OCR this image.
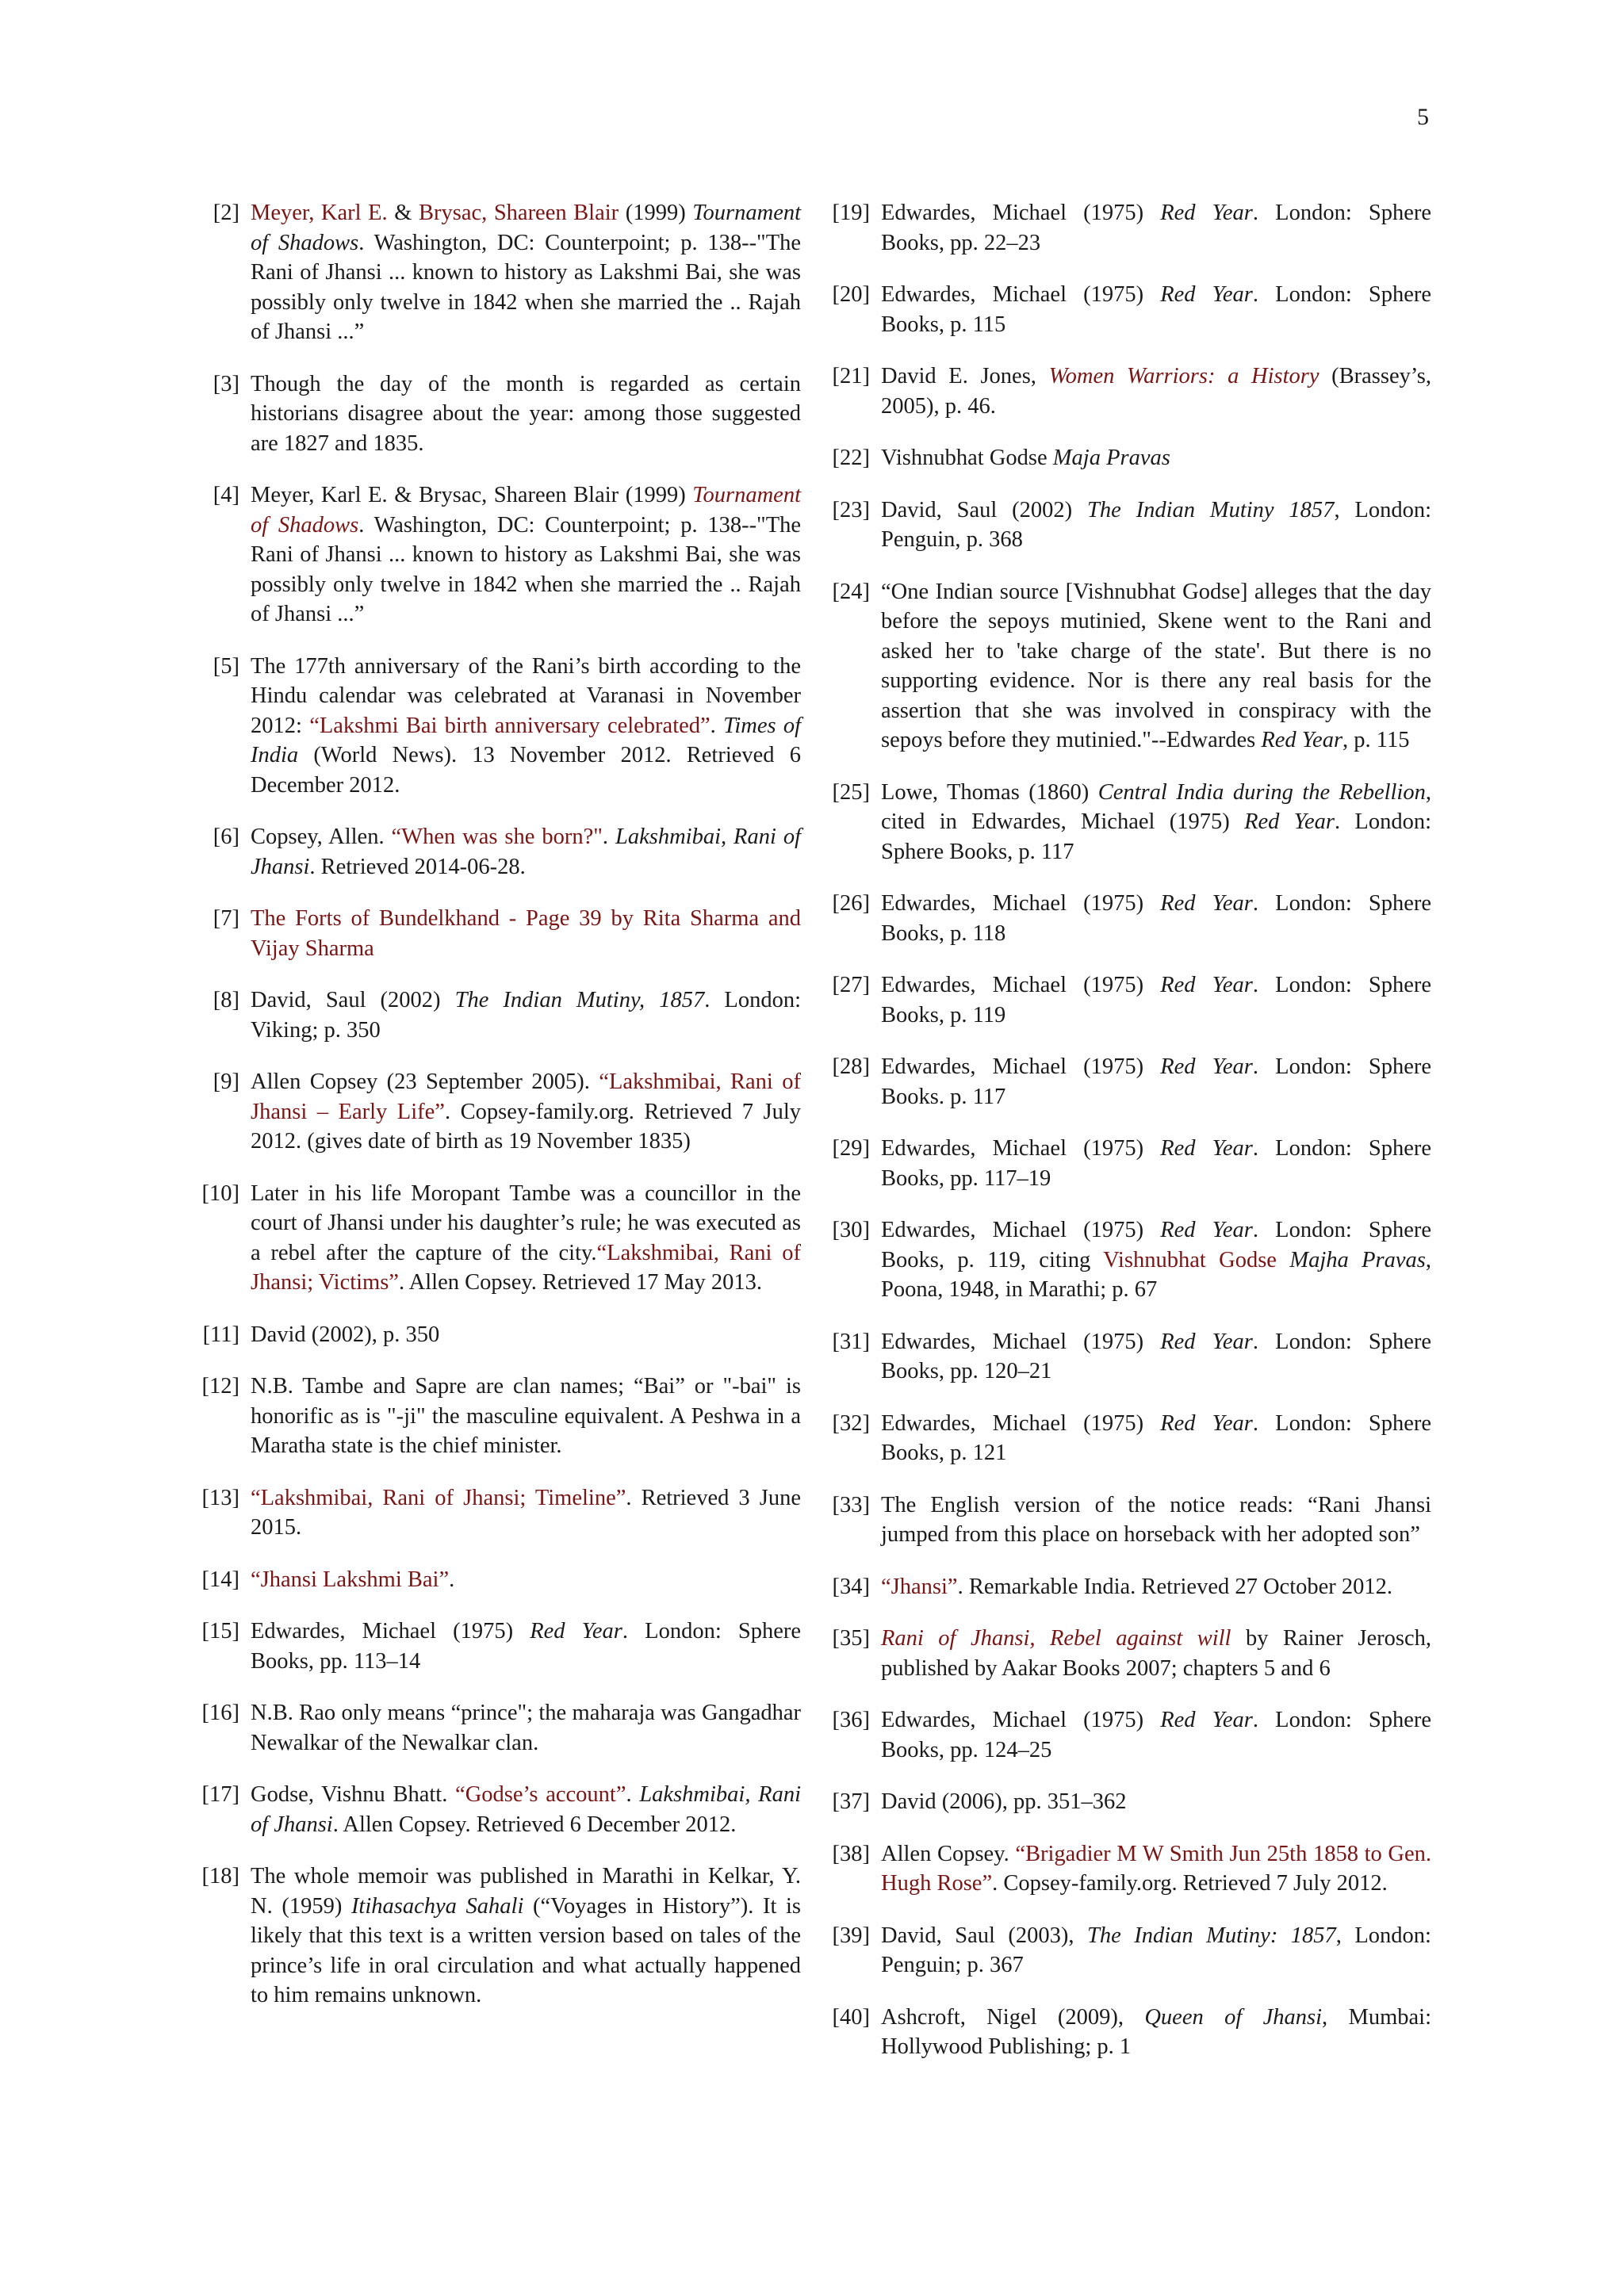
5
[2] Meyer, Karl E. & Brysac, Shareen Blair (1999) Tournament of Shadows. Washington, DC: Counterpoint; p. 138--"The Rani of Jhansi ... known to history as Lakshmi Bai, she was possibly only twelve in 1842 when she married the .. Rajah of Jhansi ...”
[3] Though the day of the month is regarded as certain historians disagree about the year: among those suggested are 1827 and 1835.
[4] Meyer, Karl E. & Brysac, Shareen Blair (1999) Tournament of Shadows. Washington, DC: Counterpoint; p. 138--"The Rani of Jhansi ... known to history as Lakshmi Bai, she was possibly only twelve in 1842 when she married the .. Rajah of Jhansi ...”
[5] The 177th anniversary of the Rani’s birth according to the Hindu calendar was celebrated at Varanasi in November 2012: “Lakshmi Bai birth anniversary celebrated”. Times of India (World News). 13 November 2012. Retrieved 6 December 2012.
[6] Copsey, Allen. “When was she born?". Lakshmibai, Rani of Jhansi. Retrieved 2014-06-28.
[7] The Forts of Bundelkhand - Page 39 by Rita Sharma and Vijay Sharma
[8] David, Saul (2002) The Indian Mutiny, 1857. London: Viking; p. 350
[9] Allen Copsey (23 September 2005). “Lakshmibai, Rani of Jhansi – Early Life”. Copsey-family.org. Retrieved 7 July 2012. (gives date of birth as 19 November 1835)
[10] Later in his life Moropant Tambe was a councillor in the court of Jhansi under his daughter’s rule; he was executed as a rebel after the capture of the city.“Lakshmibai, Rani of Jhansi; Victims”. Allen Copsey. Retrieved 17 May 2013.
[11] David (2002), p. 350
[12] N.B. Tambe and Sapre are clan names; “Bai” or "-bai" is honorific as is "-ji" the masculine equivalent. A Peshwa in a Maratha state is the chief minister.
[13] “Lakshmibai, Rani of Jhansi; Timeline”. Retrieved 3 June 2015.
[14] “Jhansi Lakshmi Bai”.
[15] Edwardes, Michael (1975) Red Year. London: Sphere Books, pp. 113–14
[16] N.B. Rao only means “prince"; the maharaja was Gangadhar Newalkar of the Newalkar clan.
[17] Godse, Vishnu Bhatt. “Godse’s account”. Lakshmibai, Rani of Jhansi. Allen Copsey. Retrieved 6 December 2012.
[18] The whole memoir was published in Marathi in Kelkar, Y. N. (1959) Itihasachya Sahali (“Voyages in History”). It is likely that this text is a written version based on tales of the prince’s life in oral circulation and what actually happened to him remains unknown.
[19] Edwardes, Michael (1975) Red Year. London: Sphere Books, pp. 22–23
[20] Edwardes, Michael (1975) Red Year. London: Sphere Books, p. 115
[21] David E. Jones, Women Warriors: a History (Brassey’s, 2005), p. 46.
[22] Vishnubhat Godse Maja Pravas
[23] David, Saul (2002) The Indian Mutiny 1857, London: Penguin, p. 368
[24] “One Indian source [Vishnubhat Godse] alleges that the day before the sepoys mutinied, Skene went to the Rani and asked her to 'take charge of the state'. But there is no supporting evidence. Nor is there any real basis for the assertion that she was involved in conspiracy with the sepoys before they mutinied."--Edwardes Red Year, p. 115
[25] Lowe, Thomas (1860) Central India during the Rebellion, cited in Edwardes, Michael (1975) Red Year. London: Sphere Books, p. 117
[26] Edwardes, Michael (1975) Red Year. London: Sphere Books, p. 118
[27] Edwardes, Michael (1975) Red Year. London: Sphere Books, p. 119
[28] Edwardes, Michael (1975) Red Year. London: Sphere Books. p. 117
[29] Edwardes, Michael (1975) Red Year. London: Sphere Books, pp. 117–19
[30] Edwardes, Michael (1975) Red Year. London: Sphere Books, p. 119, citing Vishnubhat Godse Majha Pravas, Poona, 1948, in Marathi; p. 67
[31] Edwardes, Michael (1975) Red Year. London: Sphere Books, pp. 120–21
[32] Edwardes, Michael (1975) Red Year. London: Sphere Books, p. 121
[33] The English version of the notice reads: “Rani Jhansi jumped from this place on horseback with her adopted son”
[34] “Jhansi”. Remarkable India. Retrieved 27 October 2012.
[35] Rani of Jhansi, Rebel against will by Rainer Jerosch, published by Aakar Books 2007; chapters 5 and 6
[36] Edwardes, Michael (1975) Red Year. London: Sphere Books, pp. 124–25
[37] David (2006), pp. 351–362
[38] Allen Copsey. “Brigadier M W Smith Jun 25th 1858 to Gen. Hugh Rose”. Copsey-family.org. Retrieved 7 July 2012.
[39] David, Saul (2003), The Indian Mutiny: 1857, London: Penguin; p. 367
[40] Ashcroft, Nigel (2009), Queen of Jhansi, Mumbai: Hollywood Publishing; p. 1
